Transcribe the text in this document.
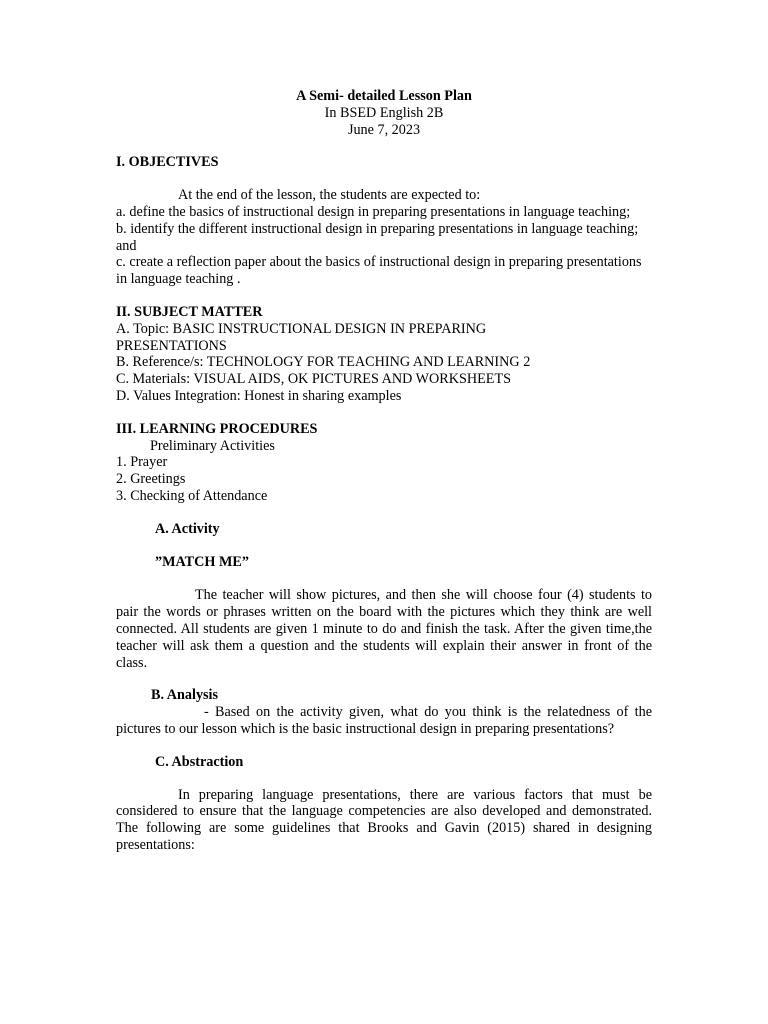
A Semi- detailed Lesson Plan
In BSED English 2B
June 7, 2023
I. OBJECTIVES
At the end of the lesson, the students are expected to:
a. define the basics of instructional design in preparing presentations in language teaching;
b. identify the different instructional design in preparing presentations in language teaching; and
c. create a reflection paper about the basics of instructional design in preparing presentations in language teaching .
II. SUBJECT MATTER
A. Topic: BASIC INSTRUCTIONAL DESIGN IN PREPARING PRESENTATIONS
B. Reference/s: TECHNOLOGY FOR TEACHING AND LEARNING 2
C. Materials: VISUAL AIDS, OK PICTURES AND WORKSHEETS
D. Values Integration: Honest in sharing examples
III. LEARNING PROCEDURES
Preliminary Activities
1. Prayer
2. Greetings
3. Checking of Attendance
A. Activity
”MATCH ME”
The teacher will show pictures, and then she will choose four (4) students to pair the words or phrases written on the board with the pictures which they think are well connected. All students are given 1 minute to do and finish the task. After the given time,the teacher will ask them a question and the students will explain their answer in front of the class.
B. Analysis
- Based on the activity given, what do you think is the relatedness of the pictures to our lesson which is the basic instructional design in preparing presentations?
C. Abstraction
In preparing language presentations, there are various factors that must be considered to ensure that the language competencies are also developed and demonstrated. The following are some guidelines that Brooks and Gavin (2015) shared in designing presentations:
